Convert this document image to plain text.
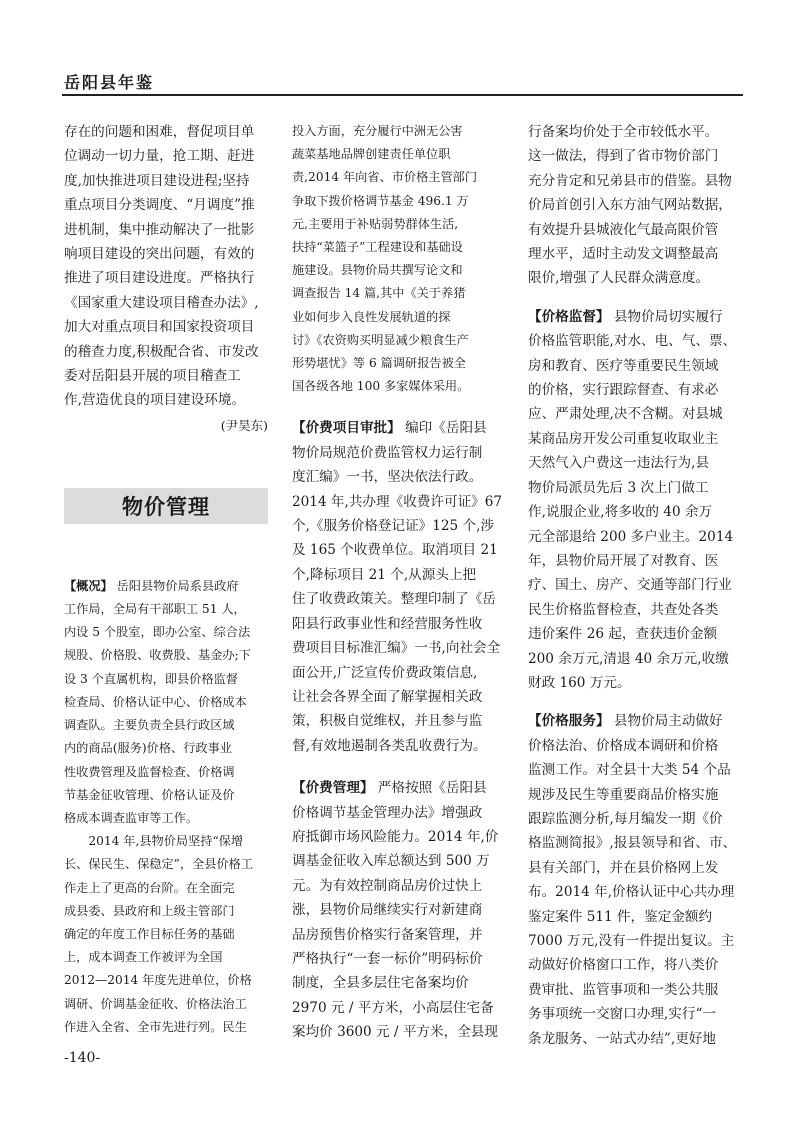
岳阳县年鉴

存在的问题和困难，督促项目单
位调动一切力量，抢工期、赶进
度,加快推进项目建设进程;坚持
重点项目分类调度、“月调度”推
进机制，集中推动解决了一批影
响项目建设的突出问题，有效的
推进了项目建设进度。严格执行
《国家重大建设项目稽查办法》,
加大对重点项目和国家投资项目
的稽查力度,积极配合省、市发改
委对岳阳县开展的项目稽查工
作,营造优良的项目建设环境。

(尹昊东)

物价管理

【概况】 岳阳县物价局系县政府
工作局，全局有干部职工 51 人，
内设 5 个股室，即办公室、综合法
规股、价格股、收费股、基金办;下
设 3 个直属机构，即县价格监督
检查局、价格认证中心、价格成本
调查队。主要负责全县行政区域
内的商品(服务)价格、行政事业
性收费管理及监督检查、价格调
节基金征收管理、价格认证及价
格成本调查监审等工作。

　　2014 年,县物价局坚持“保增
长、保民生、保稳定”，全县价格工
作走上了更高的台阶。在全面完
成县委、县政府和上级主管部门
确定的年度工作目标任务的基础
上，成本调查工作被评为全国
2012—2014 年度先进单位，价格
调研、价调基金征收、价格法治工
作进入全省、全市先进行列。民生

投入方面，充分履行中洲无公害
蔬菜基地品牌创建责任单位职
责,2014 年向省、市价格主管部门
争取下拨价格调节基金 496.1 万
元,主要用于补贴弱势群体生活,
扶持“菜篮子”工程建设和基础设
施建设。县物价局共撰写论文和
调查报告 14 篇,其中《关于养猪
业如何步入良性发展轨道的探
讨》《农资购买明显减少粮食生产
形势堪忧》等 6 篇调研报告被全
国各级各地 100 多家媒体采用。

【价费项目审批】 编印《岳阳县
物价局规范价费监管权力运行制
度汇编》一书，坚决依法行政。
2014 年,共办理《收费许可证》67
个,《服务价格登记证》125 个,涉
及 165 个收费单位。取消项目 21
个,降标项目 21 个,从源头上把
住了收费政策关。整理印制了《岳
阳县行政事业性和经营服务性收
费项目目标准汇编》一书,向社会全
面公开,广泛宣传价费政策信息,
让社会各界全面了解掌握相关政
策，积极自觉维权，并且参与监
督,有效地遏制各类乱收费行为。

【价费管理】 严格按照《岳阳县
价格调节基金管理办法》增强政
府抵御市场风险能力。2014 年,价
调基金征收入库总额达到 500 万
元。为有效控制商品房价过快上
涨，县物价局继续实行对新建商
品房预售价格实行备案管理，并
严格执行“一套一标价”明码标价
制度，全县多层住宅备案均价
2970 元 / 平方米，小高层住宅备
案均价 3600 元 / 平方米，全县现

行备案均价处于全市较低水平。
这一做法，得到了省市物价部门
充分肯定和兄弟县市的借鉴。县物
价局首创引入东方油气网站数据，
有效提升县城液化气最高限价管
理水平，适时主动发文调整最高
限价,增强了人民群众满意度。

【价格监督】 县物价局切实履行
价格监管职能,对水、电、气、票、
房和教育、医疗等重要民生领域
的价格，实行跟踪督查、有求必
应、严肃处理,决不含糊。对县城
某商品房开发公司重复收取业主
天然气入户费这一违法行为,县
物价局派员先后 3 次上门做工
作,说服企业,将多收的 40 余万
元全部退给 200 多户业主。2014
年，县物价局开展了对教育、医
疗、国土、房产、交通等部门行业
民生价格监督检查，共查处各类
违价案件 26 起，查获违价金额
200 余万元,清退 40 余万元,收缴
财政 160 万元。

【价格服务】 县物价局主动做好
价格法治、价格成本调研和价格
监测工作。对全县十大类 54 个品
规涉及民生等重要商品价格实施
跟踪监测分析,每月编发一期《价
格监测简报》,报县领导和省、市、
县有关部门，并在县价格网上发
布。2014 年,价格认证中心共办理
鉴定案件 511 件，鉴定金额约
7000 万元,没有一件提出复议。主
动做好价格窗口工作，将八类价
费审批、监管事项和一类公共服
务事项统一交窗口办理,实行“一
条龙服务、一站式办结”,更好地

-140-
